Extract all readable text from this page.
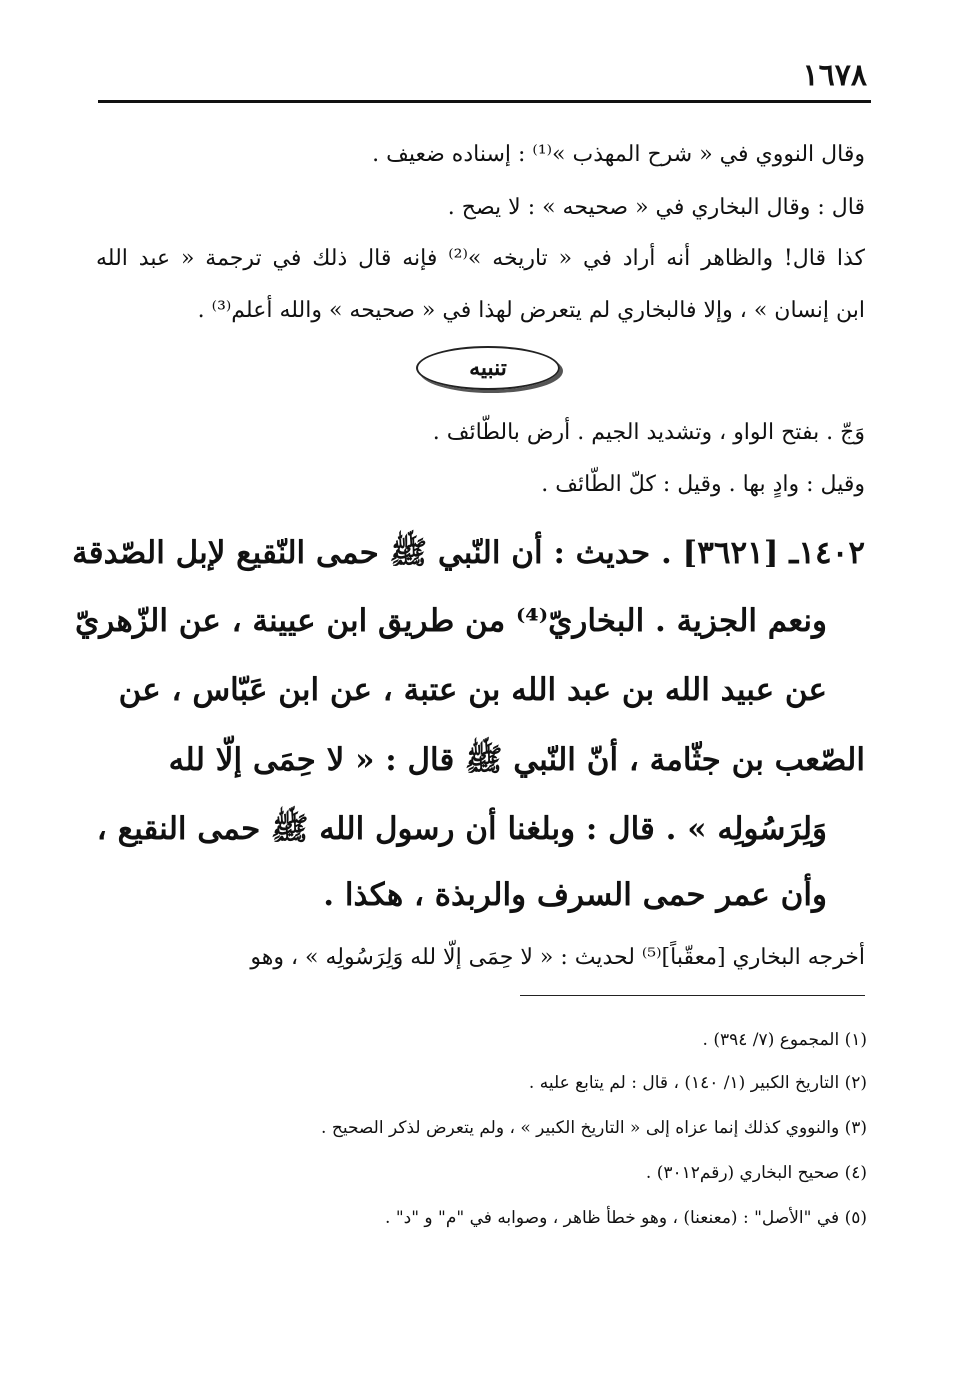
١٦٧٨
وقال النووي في « شرح المهذب »⁽¹⁾ : إسناده ضعيف .
قال : وقال البخاري في « صحيحه » : لا يصح .
كذا قال! والظاهر أنه أراد في « تاريخه »⁽²⁾ فإنه قال ذلك في ترجمة « عبد الله
ابن إنسان » ، وإلا فالبخاري لم يتعرض لهذا في « صحيحه » والله أعلم⁽³⁾ .
تنبيه
وَجّ . بفتح الواو ، وتشديد الجيم . أرض بالطّائف .
وقيل : وادٍ بها . وقيل : كلّ الطّائف .
١٤٠٢ـ [٣٦٢١] . حديث : أن النّبي ﷺ حمى النّقيع لإبل الصّدقة
ونعم الجزية . البخاريّ⁽⁴⁾ من طريق ابن عيينة ، عن الزّهريّ
عن عبيد الله بن عبد الله بن عتبة ، عن ابن عَبّاس ، عن
الصّعب بن جثّامة ، أنّ النّبي ﷺ قال : « لا حِمَى إلّا لله
وَلِرَسُولِه » . قال : وبلغنا أن رسول الله ﷺ حمى النقيع ،
وأن عمر حمى السرف والربذة ، هكذا .
أخرجه البخاري [معقّباً]⁽⁵⁾ لحديث : « لا حِمَى إلّا لله وَلِرَسُولِه » ، وهو
(١) المجموع (٧/ ٣٩٤) .
(٢) التاريخ الكبير (١/ ١٤٠) ، قال : لم يتابع عليه .
(٣) والنووي كذلك إنما عزاه إلى « التاريخ الكبير » ، ولم يتعرض لذكر الصحيح .
(٤) صحيح البخاري (رقم٣٠١٢) .
(٥) في "الأصل" : (معنعنا) ، وهو خطأ ظاهر ، وصوابه في "م" و "د" .
